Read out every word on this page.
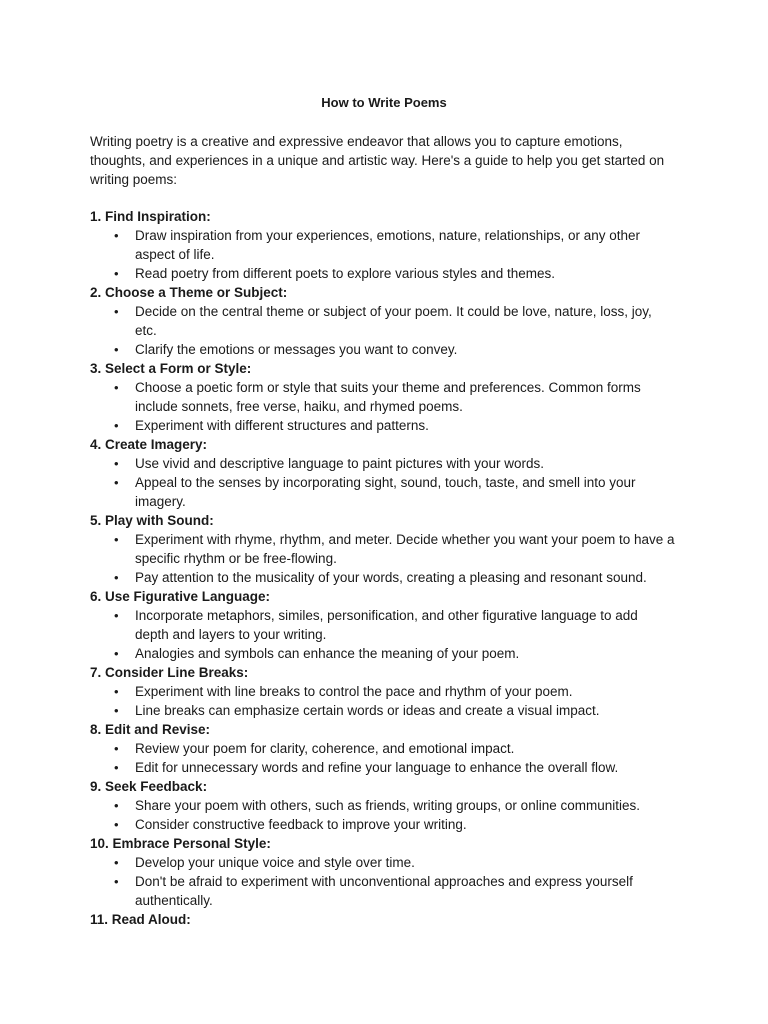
How to Write Poems
Writing poetry is a creative and expressive endeavor that allows you to capture emotions, thoughts, and experiences in a unique and artistic way. Here's a guide to help you get started on writing poems:
1. Find Inspiration:
• Draw inspiration from your experiences, emotions, nature, relationships, or any other aspect of life.
• Read poetry from different poets to explore various styles and themes.
2. Choose a Theme or Subject:
• Decide on the central theme or subject of your poem. It could be love, nature, loss, joy, etc.
• Clarify the emotions or messages you want to convey.
3. Select a Form or Style:
• Choose a poetic form or style that suits your theme and preferences. Common forms include sonnets, free verse, haiku, and rhymed poems.
• Experiment with different structures and patterns.
4. Create Imagery:
• Use vivid and descriptive language to paint pictures with your words.
• Appeal to the senses by incorporating sight, sound, touch, taste, and smell into your imagery.
5. Play with Sound:
• Experiment with rhyme, rhythm, and meter. Decide whether you want your poem to have a specific rhythm or be free-flowing.
• Pay attention to the musicality of your words, creating a pleasing and resonant sound.
6. Use Figurative Language:
• Incorporate metaphors, similes, personification, and other figurative language to add depth and layers to your writing.
• Analogies and symbols can enhance the meaning of your poem.
7. Consider Line Breaks:
• Experiment with line breaks to control the pace and rhythm of your poem.
• Line breaks can emphasize certain words or ideas and create a visual impact.
8. Edit and Revise:
• Review your poem for clarity, coherence, and emotional impact.
• Edit for unnecessary words and refine your language to enhance the overall flow.
9. Seek Feedback:
• Share your poem with others, such as friends, writing groups, or online communities.
• Consider constructive feedback to improve your writing.
10. Embrace Personal Style:
• Develop your unique voice and style over time.
• Don't be afraid to experiment with unconventional approaches and express yourself authentically.
11. Read Aloud:
